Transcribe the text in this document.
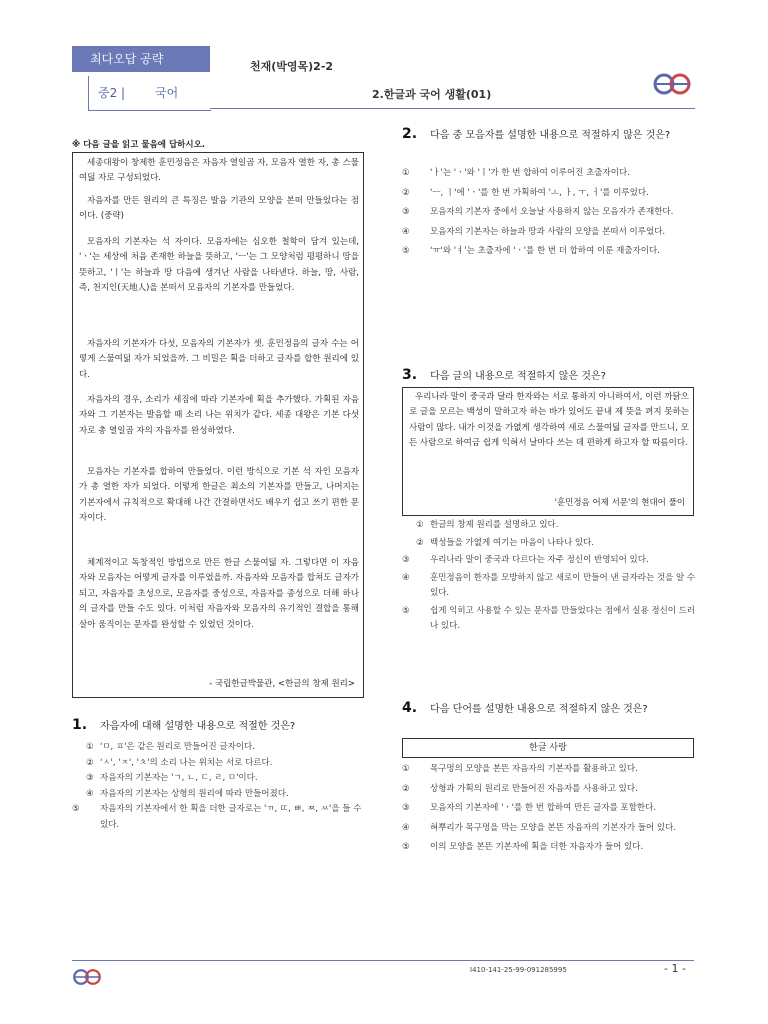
최다오답 공략
중2 | 국어
천재(박영목)2-2
2.한글과 국어 생활(01)
※ 다음 글을 읽고 물음에 답하시오.

세종대왕이 창제한 훈민정음은 자음자 열일곱 자, 모음자 열한 자, 총 스물여덟 자로 구성되었다.

자음자를 만든 원리의 큰 특징은 발음 기관의 모양을 본떠 만들었다는 점이다. (중략)

모음자의 기본자는 석 자이다. 모음자에는 심오한 철학이 담겨 있는데, 'ㆍ'는 세상에 처음 존재한 하늘을 뜻하고, 'ㅡ'는 그 모양처럼 평평하니 땅을 뜻하고, 'ㅣ'는 하늘과 땅 다음에 생겨난 사람을 나타낸다. 하늘, 땅, 사람, 즉, 천지인(天地人)을 본떠서 모음자의 기본자를 만들었다.

자음자의 기본자가 다섯, 모음자의 기본자가 셋. 훈민정음의 글자 수는 어떻게 스물여덟 자가 되었을까. 그 비밀은 획을 더하고 글자를 합한 원리에 있다.

자음자의 경우, 소리가 세짐에 따라 기본자에 획을 추가했다. 가획된 자음자와 그 기본자는 발음할 때 소리 나는 위치가 같다. 세종 대왕은 기본 다섯 자로 총 열일곱 자의 자음자를 완성하였다.

모음자는 기본자를 합하여 만들었다. 이런 방식으로 기본 석 자인 모음자가 총 열한 자가 되었다. 이렇게 한글은 최소의 기본자를 만들고, 나머지는 기본자에서 규칙적으로 확대해 나간 간결하면서도 배우기 쉽고 쓰기 편한 문자이다.

체계적이고 독창적인 방법으로 만든 한글 스물여덟 자. 그렇다면 이 자음자와 모음자는 어떻게 글자를 이루었을까. 자음자와 모음자를 합쳐도 글자가 되고, 자음자를 초성으로, 모음자를 중성으로, 자음자를 종성으로 더해 하나의 글자를 만들 수도 있다. 이처럼 자음자와 모음자의 유기적인 결합을 통해 살아 움직이는 문자를 완성할 수 있었던 것이다.

- 국립한글박물관, <한글의 창제 원리>
1. 자음자에 대해 설명한 내용으로 적절한 것은?
① 'ㅁ, ㅍ'은 같은 원리로 만들어진 글자이다.
② 'ㅅ', 'ㅈ', 'ㅊ'의 소리 나는 위치는 서로 다르다.
③ 자음자의 기본자는 'ㄱ, ㄴ, ㄷ, ㄹ, ㅁ'이다.
④ 자음자의 기본자는 상형의 원리에 따라 만들어졌다.
⑤ 자음자의 기본자에서 한 획을 더한 글자로는 'ㄲ, ㄸ, ㅃ, ㅉ, ㅆ'을 들 수 있다.
2. 다음 중 모음자를 설명한 내용으로 적절하지 않은 것은?
① 'ㅏ'는 'ㆍ'와 'ㅣ'가 한 번 합하여 이루어진 초출자이다.
② 'ㅡ, ㅣ'에 'ㆍ'를 한 번 가획하여 'ㅗ, ㅏ, ㅜ, ㅓ'를 이루었다.
③ 모음자의 기본자 중에서 오늘날 사용하지 않는 모음자가 존재한다.
④ 모음자의 기본자는 하늘과 땅과 사람의 모양을 본떠서 이루었다.
⑤ 'ㅠ'와 'ㅕ'는 초출자에 'ㆍ'를 한 번 더 합하여 이룬 재출자이다.
3. 다음 글의 내용으로 적절하지 않은 것은?

우리나라 말이 중국과 달라 한자와는 서로 통하지 아니하여서, 이런 까닭으로 글을 모르는 백성이 말하고자 하는 바가 있어도 끝내 제 뜻을 펴지 못하는 사람이 많다. 내가 이것을 가엾게 생각하여 새로 스물여덟 글자를 만드니, 모든 사람으로 하여금 쉽게 익혀서 날마다 쓰는 데 편하게 하고자 할 따름이다.

'훈민정음 어제 서문'의 현대어 풀이
① 한글의 창제 원리를 설명하고 있다.
② 백성들을 가엾게 여기는 마음이 나타나 있다.
③ 우리나라 말이 중국과 다르다는 자주 정신이 반영되어 있다.
④ 훈민정음이 한자를 모방하지 않고 새로이 만들어 낸 글자라는 것을 알 수 있다.
⑤ 쉽게 익히고 사용할 수 있는 문자를 만들었다는 점에서 실용 정신이 드러나 있다.
4. 다음 단어를 설명한 내용으로 적절하지 않은 것은?
한글 사랑
① 목구멍의 모양을 본뜬 자음자의 기본자를 활용하고 있다.
② 상형과 가획의 원리로 만들어진 자음자를 사용하고 있다.
③ 모음자의 기본자에 'ㆍ'를 한 번 합하여 만든 글자를 포함한다.
④ 혀뿌리가 목구멍을 막는 모양을 본뜬 자음자의 기본자가 들어 있다.
⑤ 이의 모양을 본뜬 기본자에 획을 더한 자음자가 들어 있다.
I410-141-25-99-091285995	- 1 -
